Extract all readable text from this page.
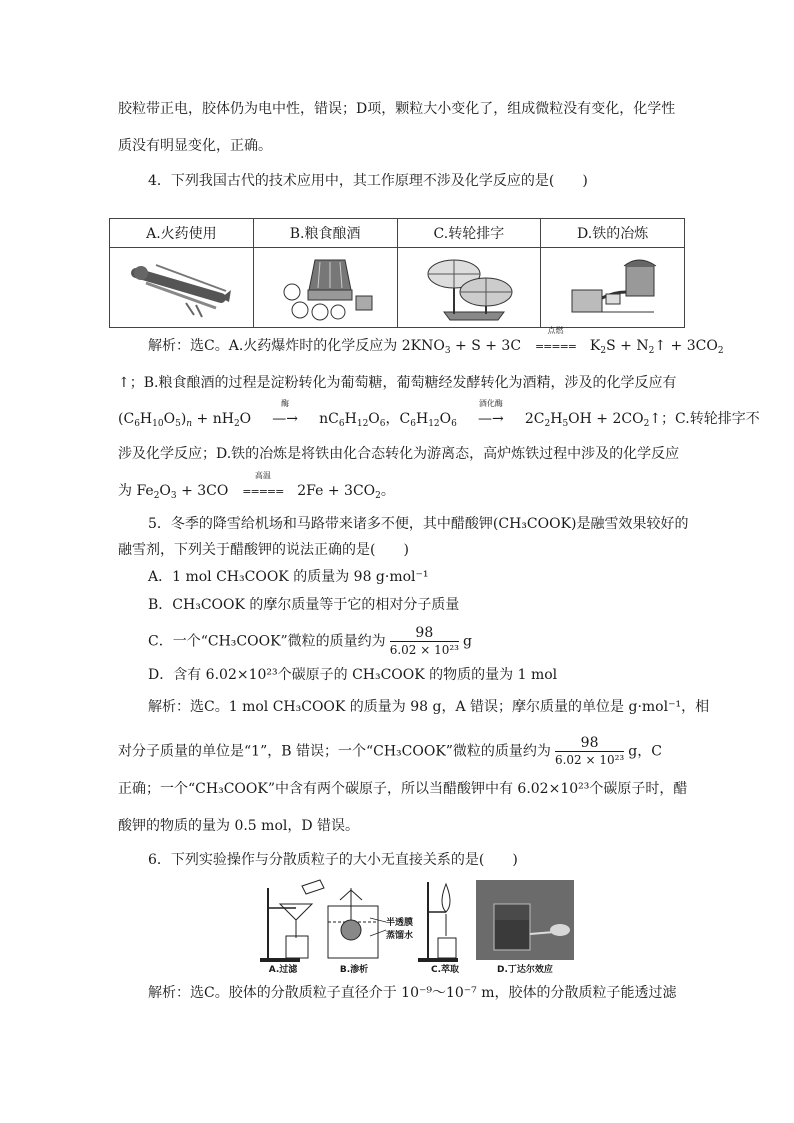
胶粒带正电，胶体仍为电中性，错误；D项，颗粒大小变化了，组成微粒没有变化，化学性
质没有明显变化，正确。
4．下列我国古代的技术应用中，其工作原理不涉及化学反应的是(　　)
A.火药使用	B.粮食酿酒	C.转轮排字	D.铁的冶炼

解析：选C。A.火药爆炸时的化学反应为 $2KNO_3 + S + 3C$
点燃
===== $K_2S$ + $N_2↑ + 3CO_2$
↑；B.粮食酿酒的过程是淀粉转化为葡萄糖，葡萄糖经发酵转化为酒精，涉及的化学反应有
$(C_6H_{10}O_5)_n + nH_2O$
酶
—→ $nC_6H_{12}O_6$，$C_6H_{12}O_6$
酒化酶
—→ $2C_2H_5OH$ + $2CO_2↑$；C.转轮排字不
涉及化学反应；D.铁的冶炼是将铁由化合态转化为游离态，高炉炼铁过程中涉及的化学反应
为 $Fe_2O_3 + 3CO$
高温
===== $2Fe + 3CO_2$。
5．冬季的降雪给机场和马路带来诸多不便，其中醋酸钾(CH₃COOK)是融雪效果较好的
融雪剂，下列关于醋酸钾的说法正确的是(　　)
A．1 mol CH₃COOK 的质量为 98 g·mol⁻¹
B．CH₃COOK 的摩尔质量等于它的相对分子质量
C．一个“CH₃COOK”微粒的质量约为 $\frac{98}{\text{6.02 × 10²³}}$ g
D．含有 6.02×10²³个碳原子的 CH₃COOK 的物质的量为 1 mol
解析：选C。1 mol CH₃COOK 的质量为 98 g，A 错误；摩尔质量的单位是 g·mol⁻¹，相
对分子质量的单位是“1”，B 错误；一个“CH₃COOK”微粒的质量约为 $\frac{98}{\text{6.02 × 10²³}}$ g，C
正确；一个“CH₃COOK”中含有两个碳原子，所以当醋酸钾中有 6.02×10²³个碳原子时，醋
酸钾的物质的量为 0.5 mol，D 错误。
6．下列实验操作与分散质粒子的大小无直接关系的是(　　)
A.过滤	B.渗析
半透膜
蒸馏水
C.萃取	D.丁达尔效应
解析：选C。胶体的分散质粒子直径介于 10⁻⁹～10⁻⁷ m，胶体的分散质粒子能透过滤
